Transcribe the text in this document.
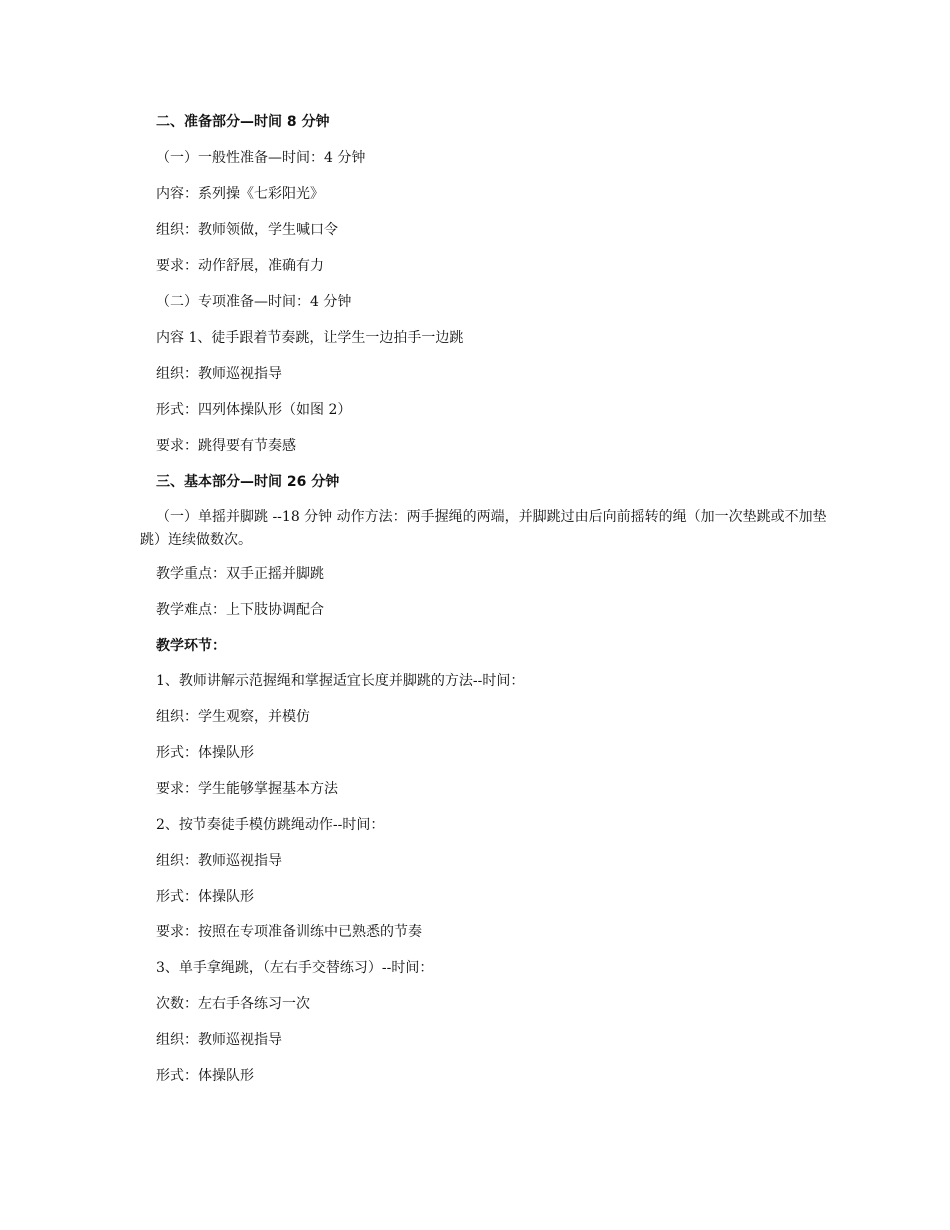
二、准备部分—时间 8 分钟
（一）一般性准备—时间：4 分钟
内容：系列操《七彩阳光》
组织：教师领做，学生喊口令
要求：动作舒展，准确有力
（二）专项准备—时间：4 分钟
内容 1、徒手跟着节奏跳，让学生一边拍手一边跳
组织：教师巡视指导
形式：四列体操队形（如图 2）
要求：跳得要有节奏感
三、基本部分—时间 26 分钟
（一）单摇并脚跳 --18 分钟 动作方法：两手握绳的两端，并脚跳过由后向前摇转的绳（加一次垫跳或不加垫跳）连续做数次。
教学重点：双手正摇并脚跳
教学难点：上下肢协调配合
教学环节：
1、教师讲解示范握绳和掌握适宜长度并脚跳的方法--时间：
组织：学生观察，并模仿
形式：体操队形
要求：学生能够掌握基本方法
2、按节奏徒手模仿跳绳动作--时间：
组织：教师巡视指导
形式：体操队形
要求：按照在专项准备训练中已熟悉的节奏
3、单手拿绳跳，（左右手交替练习）--时间：
次数：左右手各练习一次
组织：教师巡视指导
形式：体操队形
